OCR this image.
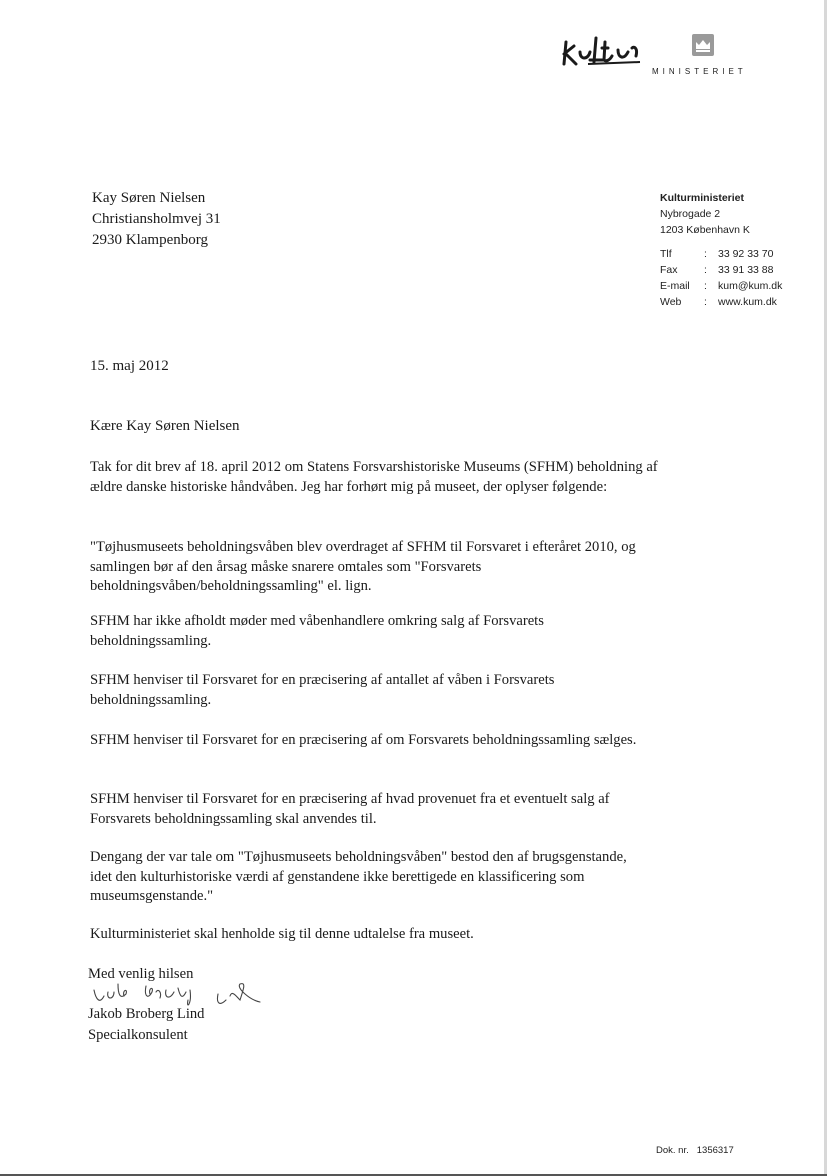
MINISTERIET
Kay Søren Nielsen
Christiansholmvej 31
2930 Klampenborg
Kulturministeriet
Nybrogade 2
1203 København K
Tlf	:	33 92 33 70
Fax	:	33 91 33 88
E-mail	:	kum@kum.dk
Web	:	www.kum.dk
15. maj 2012
Kære Kay Søren Nielsen

Tak for dit brev af 18. april 2012 om Statens Forsvarshistoriske Museums (SFHM) beholdning af ældre danske historiske håndvåben. Jeg har forhørt mig på museet, der oplyser følgende:

"Tøjhusmuseets beholdningsvåben blev overdraget af SFHM til Forsvaret i efteråret 2010, og samlingen bør af den årsag måske snarere omtales som "Forsvarets beholdningsvåben/beholdningssamling" el. lign.

SFHM har ikke afholdt møder med våbenhandlere omkring salg af Forsvarets beholdningssamling.

SFHM henviser til Forsvaret for en præcisering af antallet af våben i Forsvarets beholdningssamling.

SFHM henviser til Forsvaret for en præcisering af om Forsvarets beholdningssamling sælges.

SFHM henviser til Forsvaret for en præcisering af hvad provenuet fra et eventuelt salg af Forsvarets beholdningssamling skal anvendes til.

Dengang der var tale om "Tøjhusmuseets beholdningsvåben" bestod den af brugsgenstande, idet den kulturhistoriske værdi af genstandene ikke berettigede en klassificering som museumsgenstande."

Kulturministeriet skal henholde sig til denne udtalelse fra museet.

Med venlig hilsen
Jakob Broberg Lind
Specialkonsulent
Dok. nr. 1356317
